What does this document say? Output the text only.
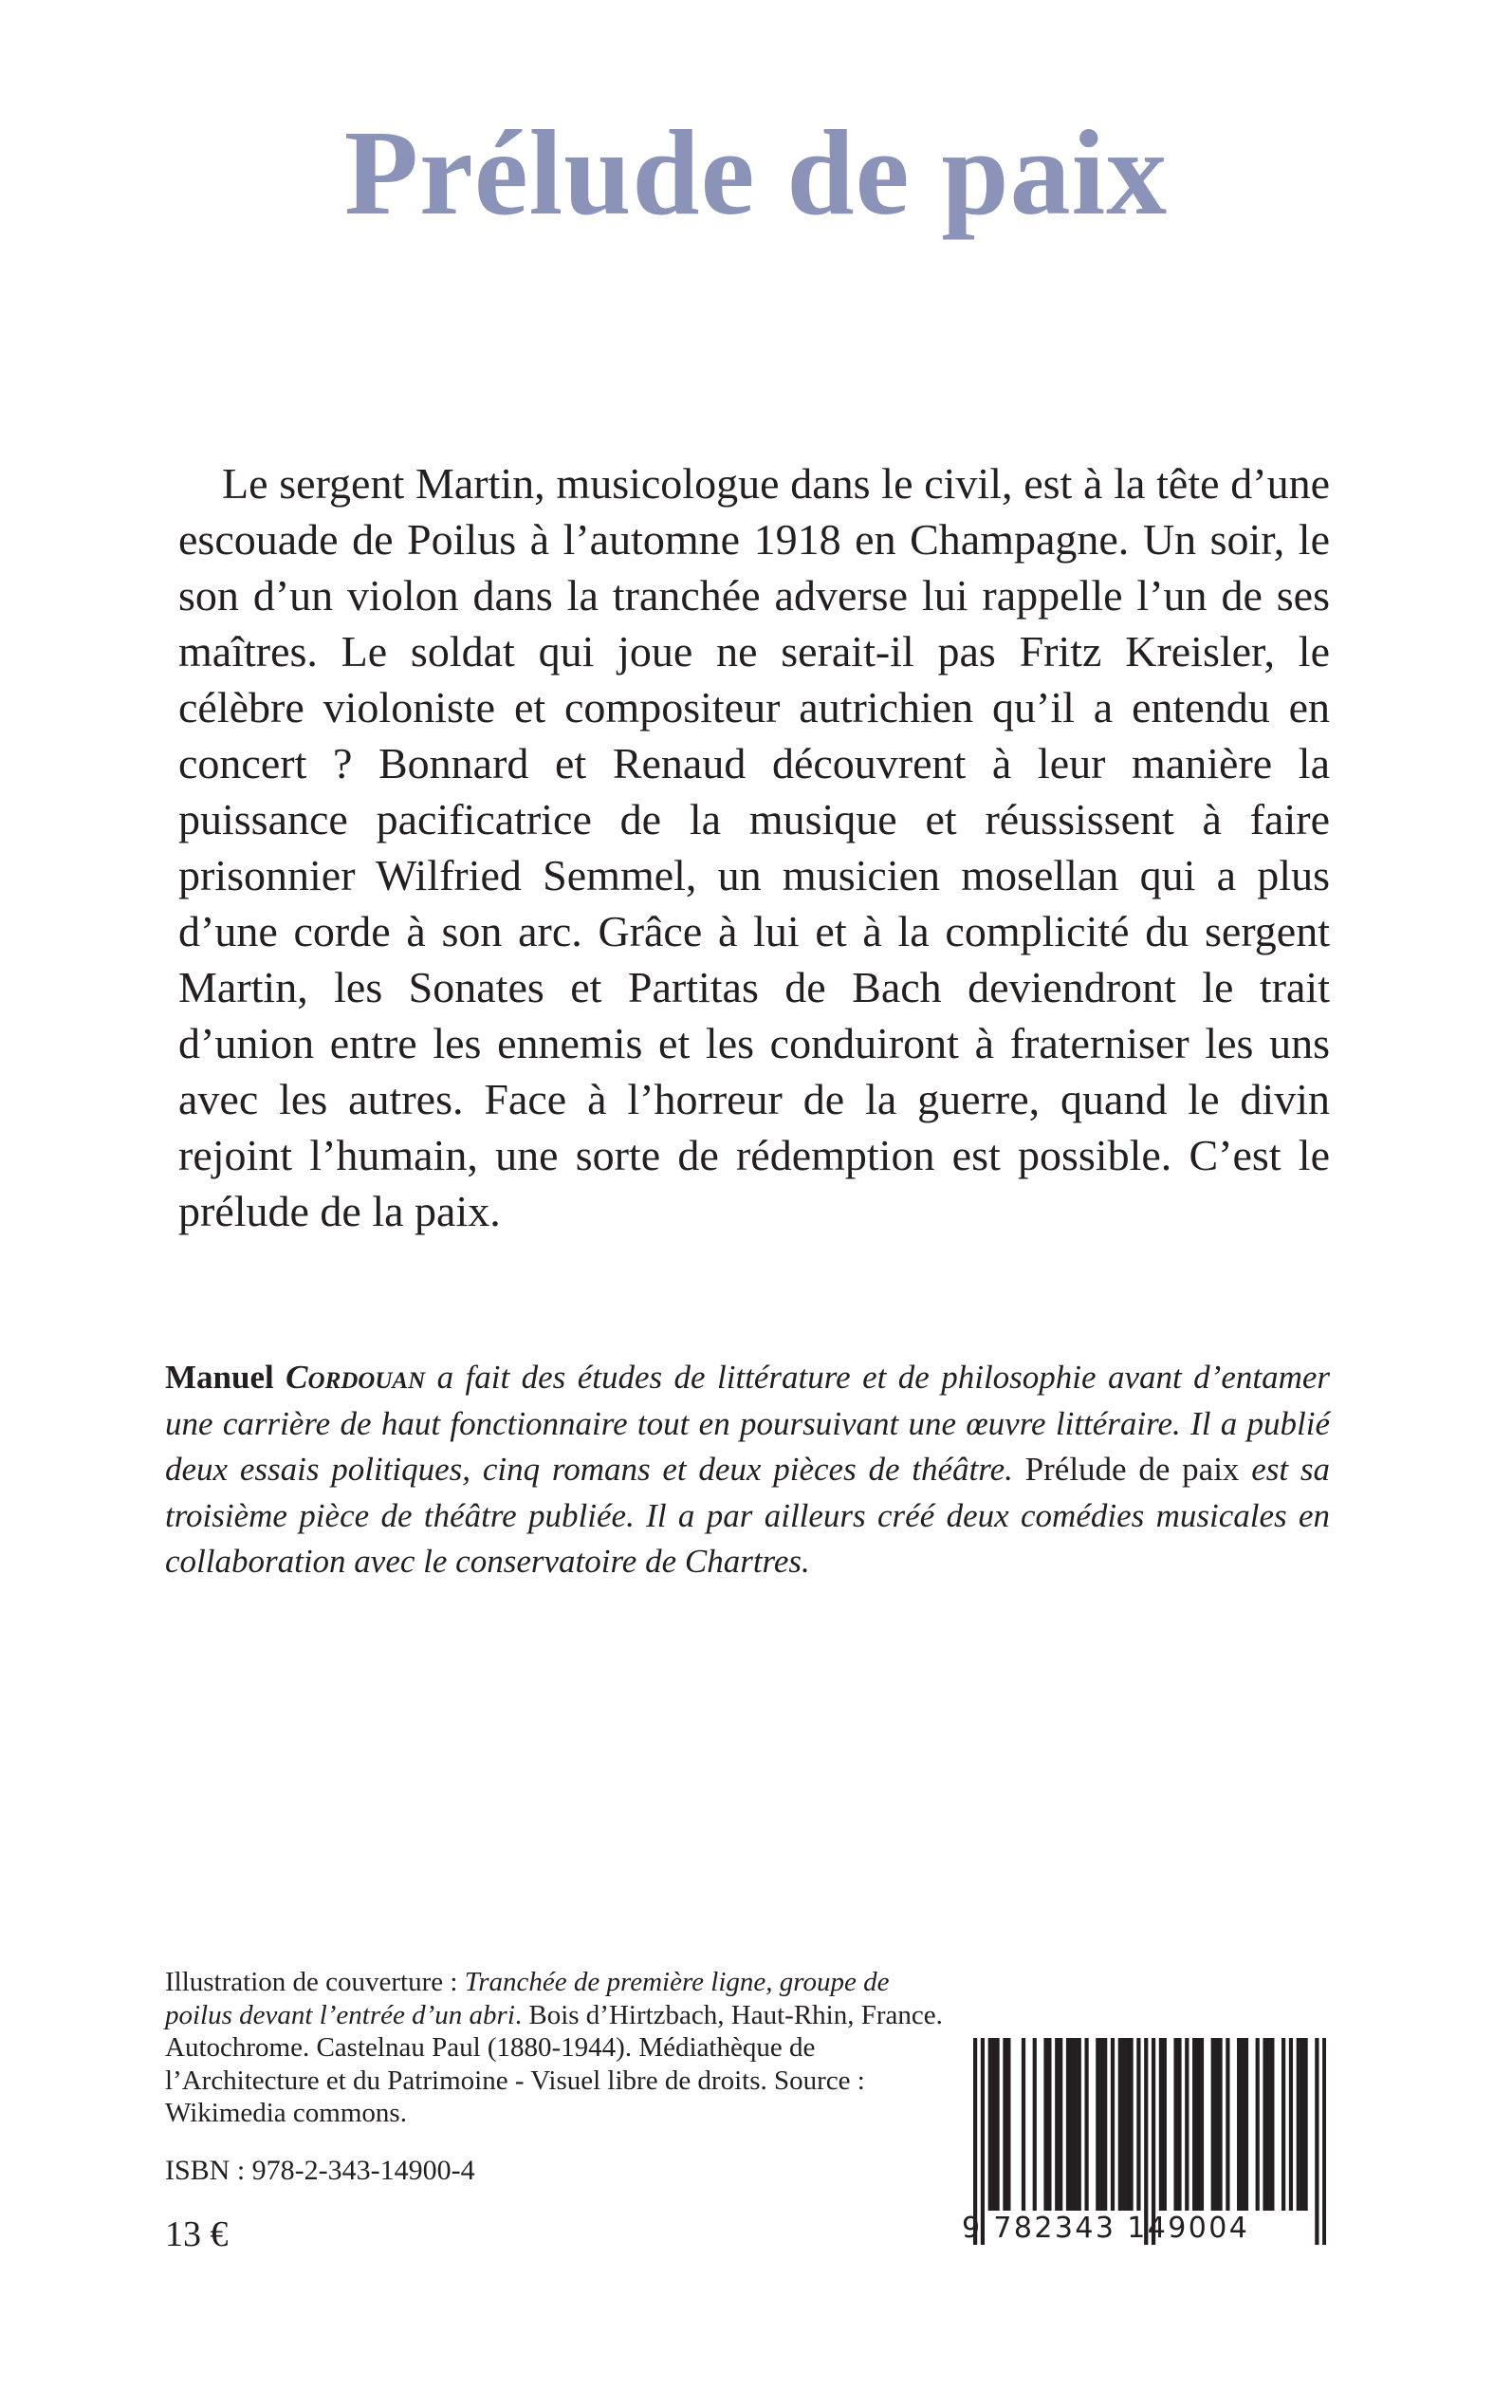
Prélude de paix

Le sergent Martin, musicologue dans le civil, est à la tête d’une escouade de Poilus à l’automne 1918 en Champagne. Un soir, le son d’un violon dans la tranchée adverse lui rappelle l’un de ses maîtres. Le soldat qui joue ne serait-il pas Fritz Kreisler, le célèbre violoniste et compositeur autrichien qu’il a entendu en concert ? Bonnard et Renaud découvrent à leur manière la puissance pacificatrice de la musique et réussissent à faire prisonnier Wilfried Semmel, un musicien mosellan qui a plus d’une corde à son arc. Grâce à lui et à la complicité du sergent Martin, les Sonates et Partitas de Bach deviendront le trait d’union entre les ennemis et les conduiront à fraterniser les uns avec les autres. Face à l’horreur de la guerre, quand le divin rejoint l’humain, une sorte de rédemption est possible. C’est le prélude de la paix.

Manuel Cordouan a fait des études de littérature et de philosophie avant d’entamer une carrière de haut fonctionnaire tout en poursuivant une œuvre littéraire. Il a publié deux essais politiques, cinq romans et deux pièces de théâtre. Prélude de paix est sa troisième pièce de théâtre publiée. Il a par ailleurs créé deux comédies musicales en collaboration avec le conservatoire de Chartres.

Illustration de couverture : Tranchée de première ligne, groupe de poilus devant l’entrée d’un abri. Bois d’Hirtzbach, Haut-Rhin, France. Autochrome. Castelnau Paul (1880-1944). Médiathèque de l’Architecture et du Patrimoine - Visuel libre de droits. Source : Wikimedia commons.

ISBN : 978-2-343-14900-4
13 €	9 782343 149004
